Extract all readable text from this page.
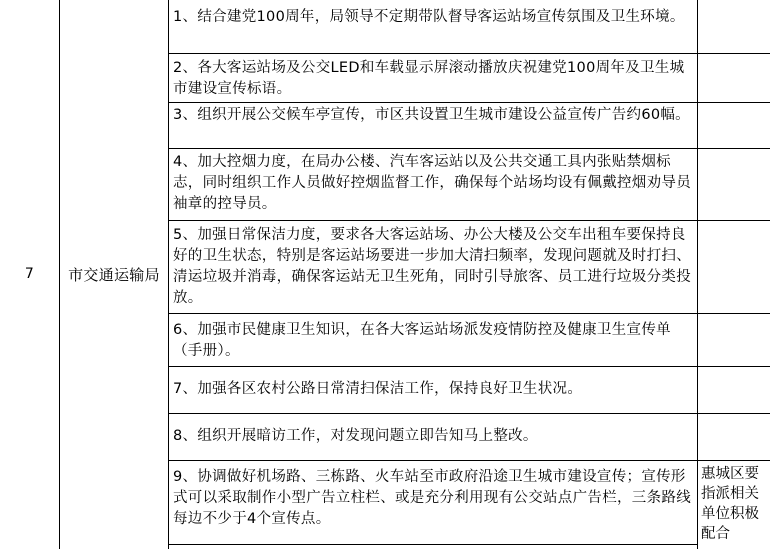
7	市交通运输局
1、结合建党100周年，局领导不定期带队督导客运站场宣传氛围及卫生环境。
2、各大客运站场及公交LED和车载显示屏滚动播放庆祝建党100周年及卫生城市建设宣传标语。
3、组织开展公交候车亭宣传，市区共设置卫生城市建设公益宣传广告约60幅。
4、加大控烟力度，在局办公楼、汽车客运站以及公共交通工具内张贴禁烟标志，同时组织工作人员做好控烟监督工作，确保每个站场均设有佩戴控烟劝导员袖章的控导员。
5、加强日常保洁力度，要求各大客运站场、办公大楼及公交车出租车要保持良好的卫生状态，特别是客运站场要进一步加大清扫频率，发现问题就及时打扫、清运垃圾并消毒，确保客运站无卫生死角，同时引导旅客、员工进行垃圾分类投放。
6、加强市民健康卫生知识，在各大客运站场派发疫情防控及健康卫生宣传单（手册）。
7、加强各区农村公路日常清扫保洁工作，保持良好卫生状况。
8、组织开展暗访工作，对发现问题立即告知马上整改。
9、协调做好机场路、三栋路、火车站至市政府沿途卫生城市建设宣传；宣传形式可以采取制作小型广告立柱栏、或是充分利用现有公交站点广告栏，三条路线每边不少于4个宣传点。
惠城区要指派相关单位积极配合
